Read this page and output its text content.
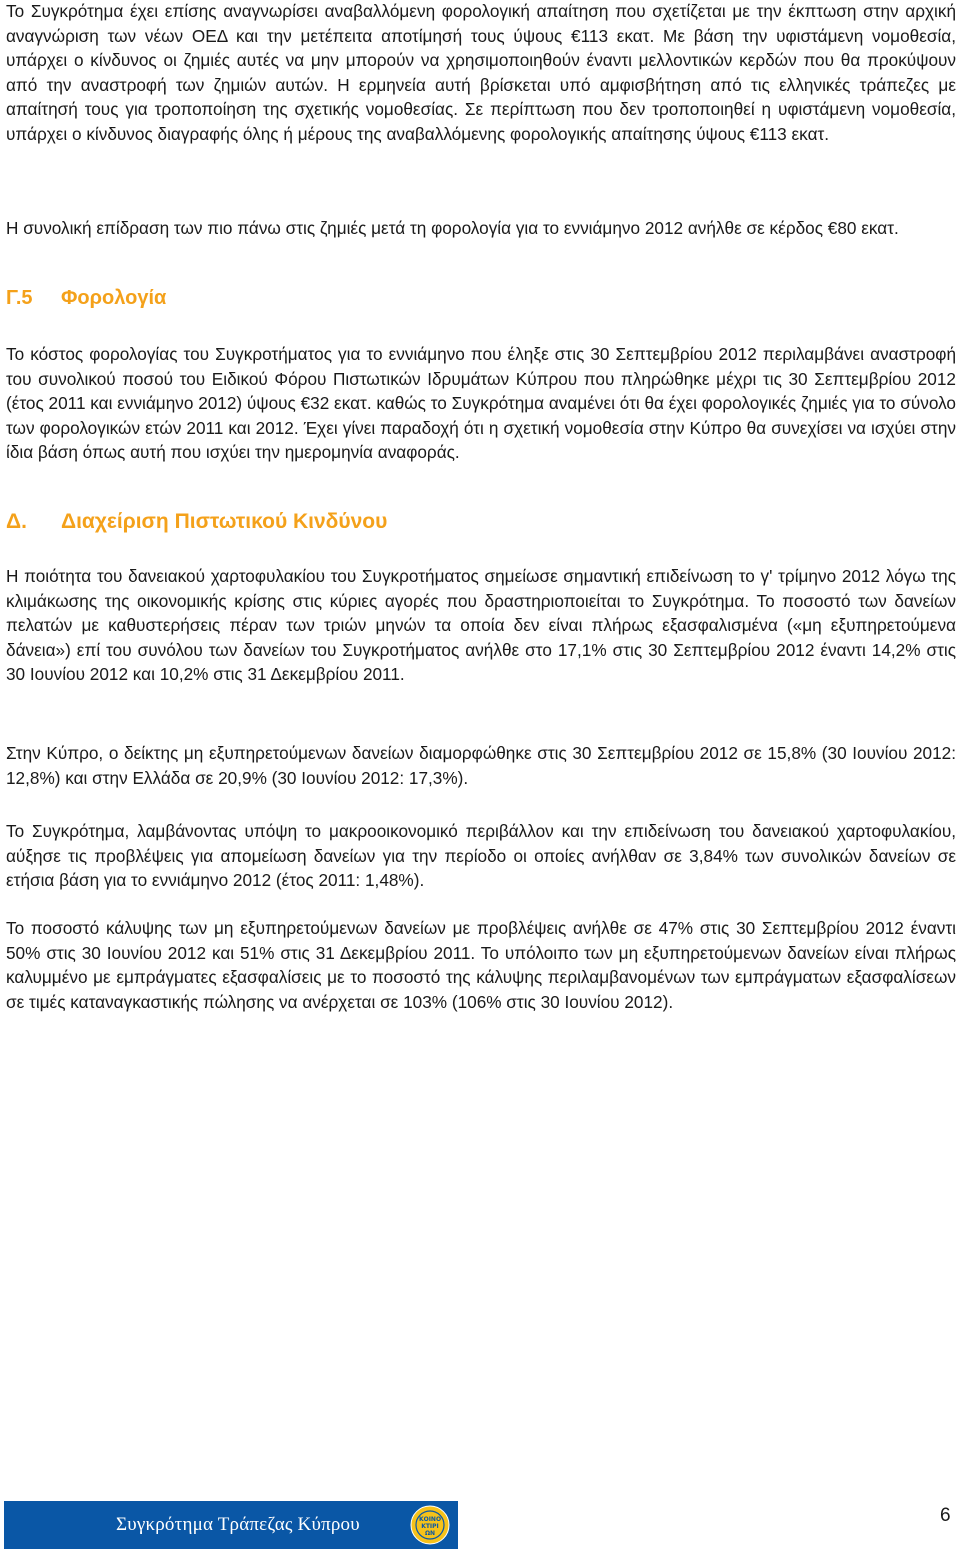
Το Συγκρότημα έχει επίσης αναγνωρίσει αναβαλλόμενη φορολογική απαίτηση που σχετίζεται με την έκπτωση στην αρχική αναγνώριση των νέων ΟΕΔ και την μετέπειτα αποτίμησή τους ύψους €113 εκατ. Με βάση την υφιστάμενη νομοθεσία, υπάρχει ο κίνδυνος οι ζημιές αυτές να μην μπορούν να χρησιμοποιηθούν έναντι μελλοντικών κερδών που θα προκύψουν από την αναστροφή των ζημιών αυτών. Η ερμηνεία αυτή βρίσκεται υπό αμφισβήτηση από τις ελληνικές τράπεζες με απαίτησή τους για τροποποίηση της σχετικής νομοθεσίας. Σε περίπτωση που δεν τροποποιηθεί η υφιστάμενη νομοθεσία, υπάρχει ο κίνδυνος διαγραφής όλης ή μέρους της αναβαλλόμενης φορολογικής απαίτησης ύψους €113 εκατ.

Η συνολική επίδραση των πιο πάνω στις ζημιές μετά τη φορολογία για το εννιάμηνο 2012 ανήλθε σε κέρδος €80 εκατ.

Γ.5	Φορολογία

Το κόστος φορολογίας του Συγκροτήματος για το εννιάμηνο που έληξε στις 30 Σεπτεμβρίου 2012 περιλαμβάνει αναστροφή του συνολικού ποσού του Ειδικού Φόρου Πιστωτικών Ιδρυμάτων Κύπρου που πληρώθηκε μέχρι τις 30 Σεπτεμβρίου 2012 (έτος 2011 και εννιάμηνο 2012) ύψους €32 εκατ. καθώς το Συγκρότημα αναμένει ότι θα έχει φορολογικές ζημιές για το σύνολο των φορολογικών ετών 2011 και 2012. Έχει γίνει παραδοχή ότι η σχετική νομοθεσία στην Κύπρο θα συνεχίσει να ισχύει στην ίδια βάση όπως αυτή που ισχύει την ημερομηνία αναφοράς.

Δ.	Διαχείριση Πιστωτικού Κινδύνου

Η ποιότητα του δανειακού χαρτοφυλακίου του Συγκροτήματος σημείωσε σημαντική επιδείνωση το γ' τρίμηνο 2012 λόγω της κλιμάκωσης της οικονομικής κρίσης στις κύριες αγορές που δραστηριοποιείται το Συγκρότημα. Το ποσοστό των δανείων πελατών με καθυστερήσεις πέραν των τριών μηνών τα οποία δεν είναι πλήρως εξασφαλισμένα («μη εξυπηρετούμενα δάνεια») επί του συνόλου των δανείων του Συγκροτήματος ανήλθε στο 17,1% στις 30 Σεπτεμβρίου 2012 έναντι 14,2% στις 30 Ιουνίου 2012 και 10,2% στις 31 Δεκεμβρίου 2011.

Στην Κύπρο, ο δείκτης μη εξυπηρετούμενων δανείων διαμορφώθηκε στις 30 Σεπτεμβρίου 2012 σε 15,8% (30 Ιουνίου 2012: 12,8%) και στην Ελλάδα σε 20,9% (30 Ιουνίου 2012: 17,3%).

Το Συγκρότημα, λαμβάνοντας υπόψη το μακροοικονομικό περιβάλλον και την επιδείνωση του δανειακού χαρτοφυλακίου, αύξησε τις προβλέψεις για απομείωση δανείων για την περίοδο οι οποίες ανήλθαν σε 3,84% των συνολικών δανείων σε ετήσια βάση για το εννιάμηνο 2012 (έτος 2011: 1,48%).

Το ποσοστό κάλυψης των μη εξυπηρετούμενων δανείων με προβλέψεις ανήλθε σε 47% στις 30 Σεπτεμβρίου 2012 έναντι 50% στις 30 Ιουνίου 2012 και 51% στις 31 Δεκεμβρίου 2011. Το υπόλοιπο των μη εξυπηρετούμενων δανείων είναι πλήρως καλυμμένο με εμπράγματες εξασφαλίσεις με το ποσοστό της κάλυψης περιλαμβανομένων των εμπράγματων εξασφαλίσεων σε τιμές καταναγκαστικής πώλησης να ανέρχεται σε 103% (106% στις 30 Ιουνίου 2012).

Συγκρότημα Τράπεζας Κύπρου	ΚΟΙΝΟ
ΚΤΙΡΙ
ΩΝ
6
